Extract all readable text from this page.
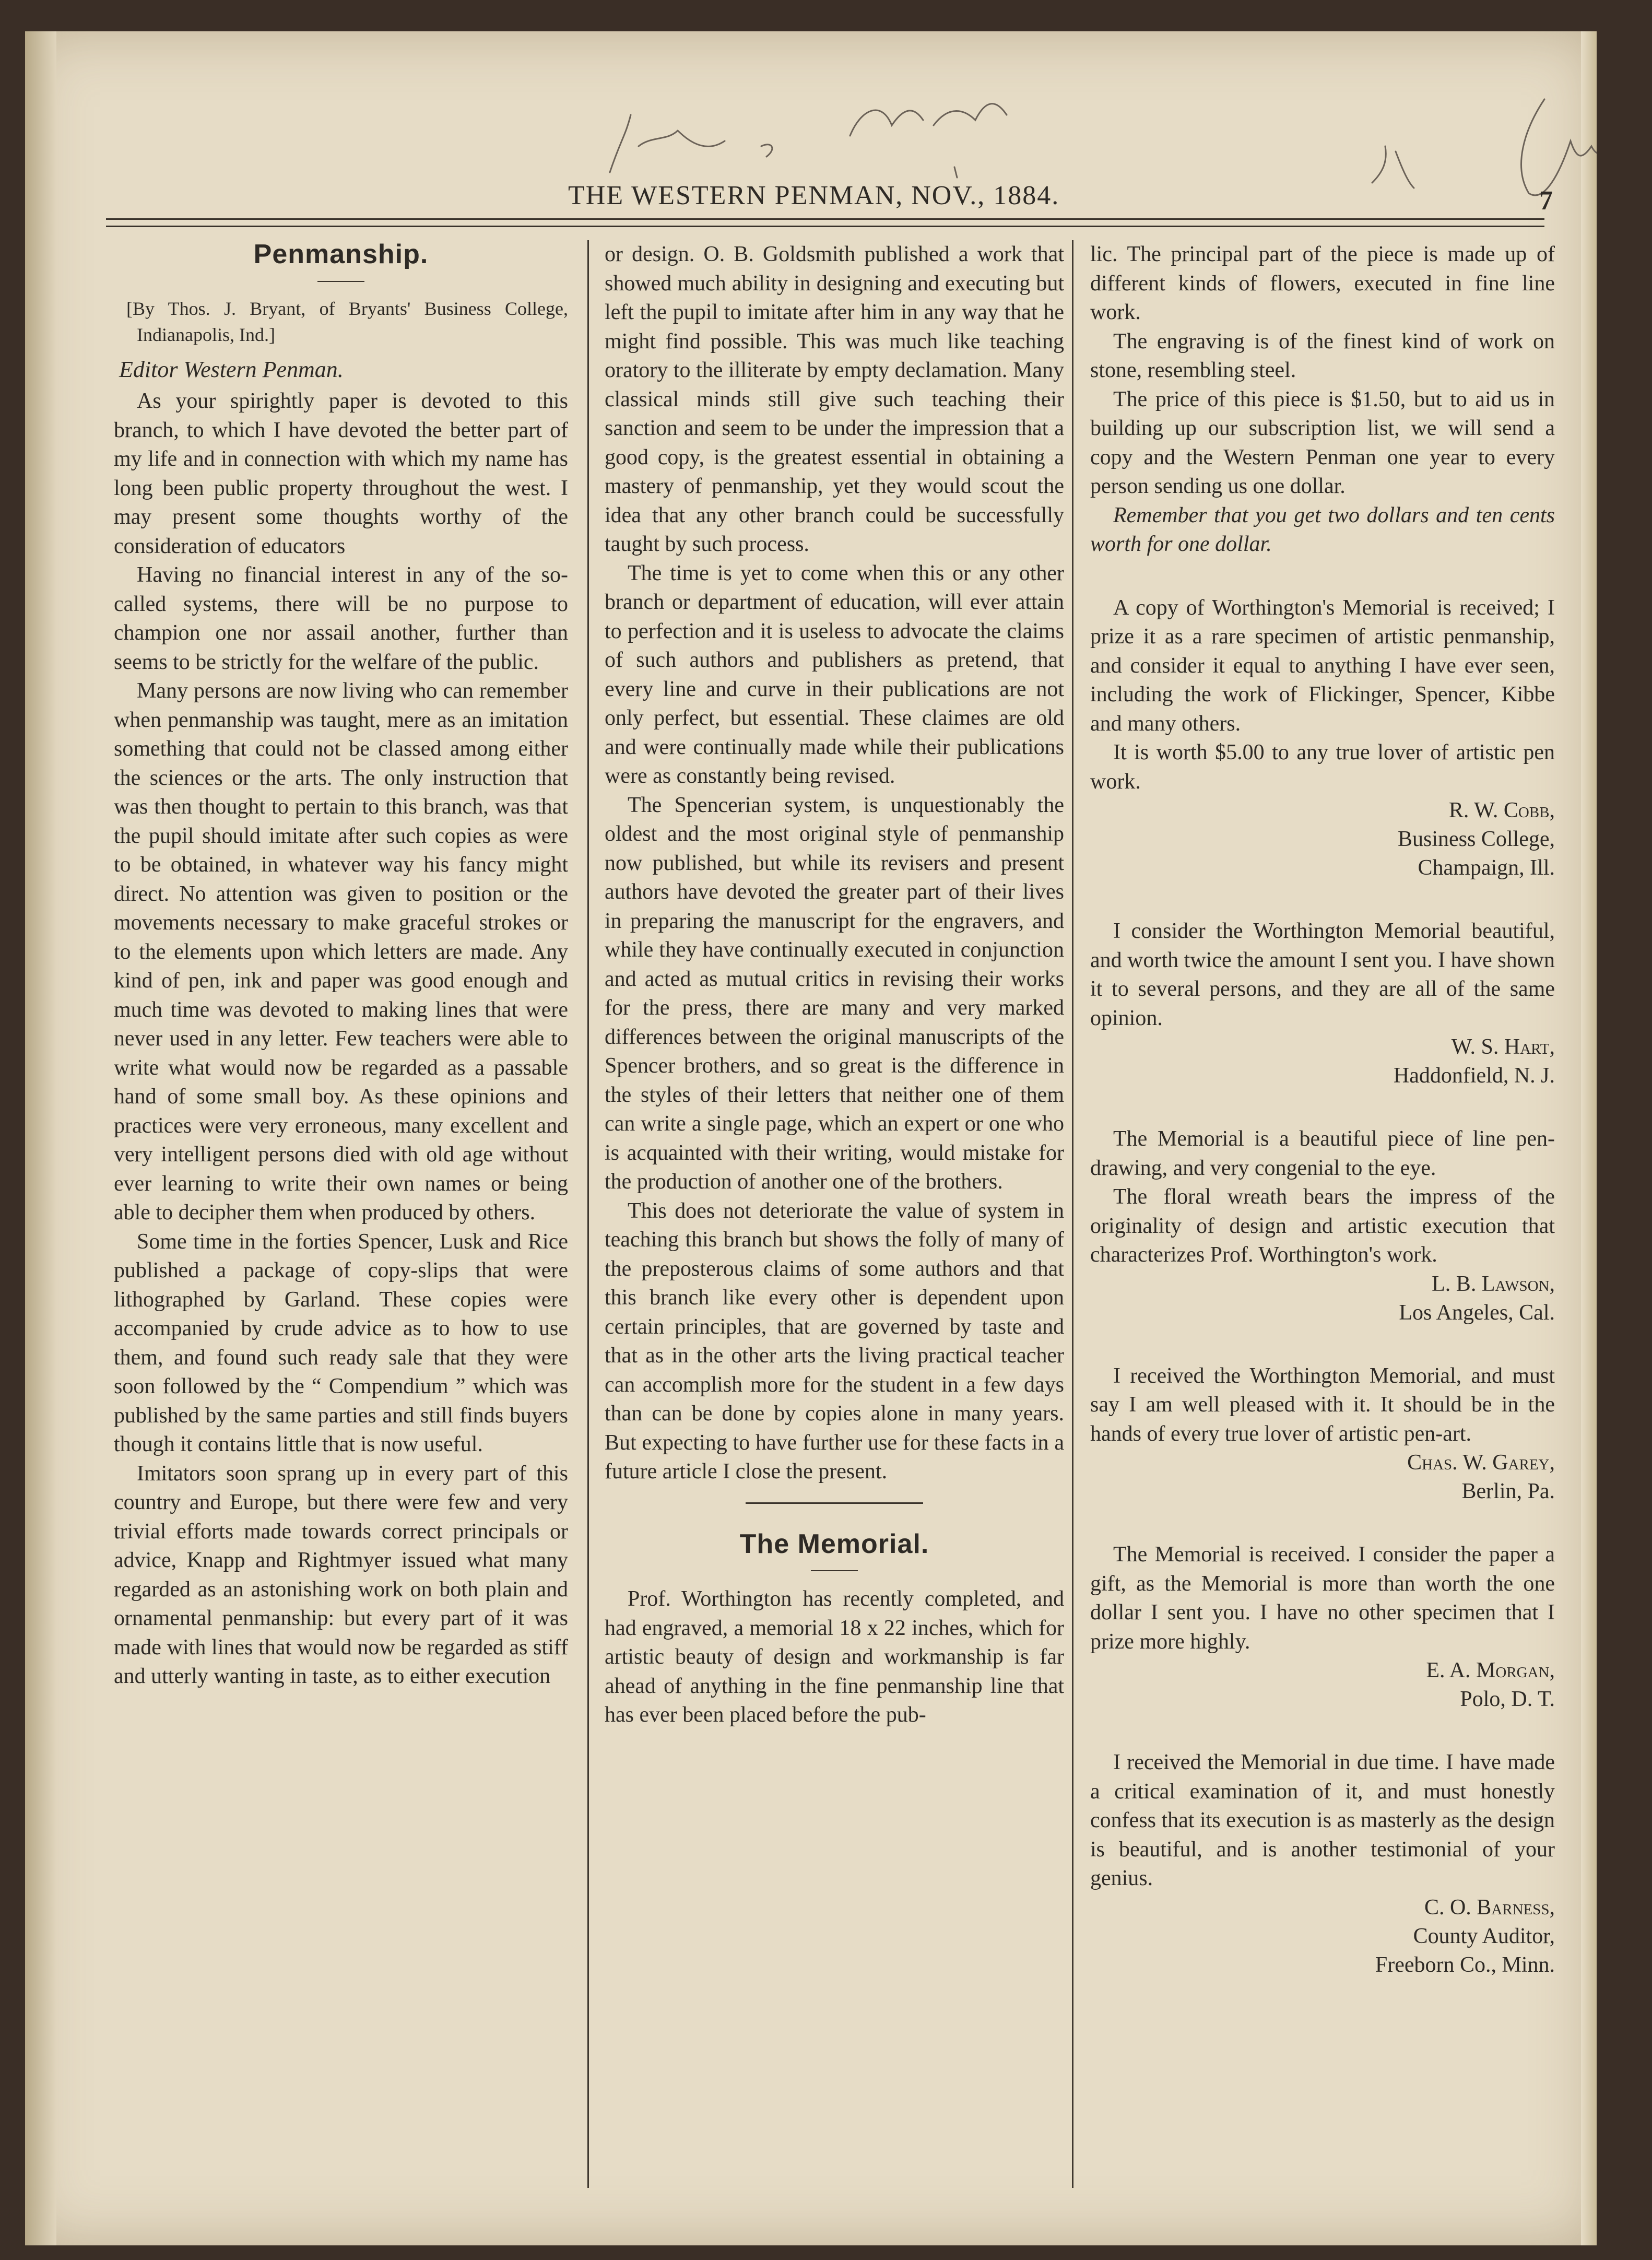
THE WESTERN PENMAN, NOV., 1884.	7
Penmanship.

[By Thos. J. Bryant, of Bryants' Business College, Indianapolis, Ind.]

Editor Western Penman.

As your spirightly paper is devoted to this branch, to which I have devoted the better part of my life and in connection with which my name has long been public property throughout the west. I may present some thoughts worthy of the consideration of educators

Having no financial interest in any of the so-called systems, there will be no purpose to champion one nor assail another, further than seems to be strictly for the welfare of the public.

Many persons are now living who can remember when penmanship was taught, mere as an imitation something that could not be classed among either the sciences or the arts. The only instruction that was then thought to pertain to this branch, was that the pupil should imitate after such copies as were to be obtained, in whatever way his fancy might direct. No attention was given to position or the movements necessary to make graceful strokes or to the elements upon which letters are made. Any kind of pen, ink and paper was good enough and much time was devoted to making lines that were never used in any letter. Few teachers were able to write what would now be regarded as a passable hand of some small boy. As these opinions and practices were very erroneous, many excellent and very intelligent persons died with old age without ever learning to write their own names or being able to decipher them when produced by others.

Some time in the forties Spencer, Lusk and Rice published a package of copy-slips that were lithographed by Garland. These copies were accompanied by crude advice as to how to use them, and found such ready sale that they were soon followed by the “ Compendium ” which was published by the same parties and still finds buyers though it contains little that is now useful.

Imitators soon sprang up in every part of this country and Europe, but there were few and very trivial efforts made towards correct principals or advice, Knapp and Rightmyer issued what many regarded as an astonishing work on both plain and ornamental penmanship: but every part of it was made with lines that would now be regarded as stiff and utterly wanting in taste, as to either execution

or design. O. B. Goldsmith published a work that showed much ability in designing and executing but left the pupil to imitate after him in any way that he might find possible. This was much like teaching oratory to the illiterate by empty declamation. Many classical minds still give such teaching their sanction and seem to be under the impression that a good copy, is the greatest essential in obtaining a mastery of penmanship, yet they would scout the idea that any other branch could be successfully taught by such process.

The time is yet to come when this or any other branch or department of education, will ever attain to perfection and it is useless to advocate the claims of such authors and publishers as pretend, that every line and curve in their publications are not only perfect, but essential. These claimes are old and were continually made while their publications were as constantly being revised.

The Spencerian system, is unquestionably the oldest and the most original style of penmanship now published, but while its revisers and present authors have devoted the greater part of their lives in preparing the manuscript for the engravers, and while they have continually executed in conjunction and acted as mutual critics in revising their works for the press, there are many and very marked differences between the original manuscripts of the Spencer brothers, and so great is the difference in the styles of their letters that neither one of them can write a single page, which an expert or one who is acquainted with their writing, would mistake for the production of another one of the brothers.

This does not deteriorate the value of system in teaching this branch but shows the folly of many of the preposterous claims of some authors and that this branch like every other is dependent upon certain principles, that are governed by taste and that as in the other arts the living practical teacher can accomplish more for the student in a few days than can be done by copies alone in many years. But expecting to have further use for these facts in a future article I close the present.

The Memorial.

Prof. Worthington has recently completed, and had engraved, a memorial 18 x 22 inches, which for artistic beauty of design and workmanship is far ahead of anything in the fine penmanship line that has ever been placed before the pub-

lic. The principal part of the piece is made up of different kinds of flowers, executed in fine line work.

The engraving is of the finest kind of work on stone, resembling steel.

The price of this piece is $1.50, but to aid us in building up our subscription list, we will send a copy and the Western Penman one year to every person sending us one dollar.

Remember that you get two dollars and ten cents worth for one dollar.

A copy of Worthington's Memorial is received; I prize it as a rare specimen of artistic penmanship, and consider it equal to anything I have ever seen, including the work of Flickinger, Spencer, Kibbe and many others.

It is worth $5.00 to any true lover of artistic pen work.

R. W. Cobb,

Business College,

Champaign, Ill.

I consider the Worthington Memorial beautiful, and worth twice the amount I sent you. I have shown it to several persons, and they are all of the same opinion.

W. S. Hart,

Haddonfield, N. J.

The Memorial is a beautiful piece of line pen-drawing, and very congenial to the eye.

The floral wreath bears the impress of the originality of design and artistic execution that characterizes Prof. Worthington's work.

L. B. Lawson,

Los Angeles, Cal.

I received the Worthington Memorial, and must say I am well pleased with it. It should be in the hands of every true lover of artistic pen-art.

Chas. W. Garey,

Berlin, Pa.

The Memorial is received. I consider the paper a gift, as the Memorial is more than worth the one dollar I sent you. I have no other specimen that I prize more highly.

E. A. Morgan,

Polo, D. T.

I received the Memorial in due time. I have made a critical examination of it, and must honestly confess that its execution is as masterly as the design is beautiful, and is another testimonial of your genius.

C. O. Barness,

County Auditor,

Freeborn Co., Minn.
